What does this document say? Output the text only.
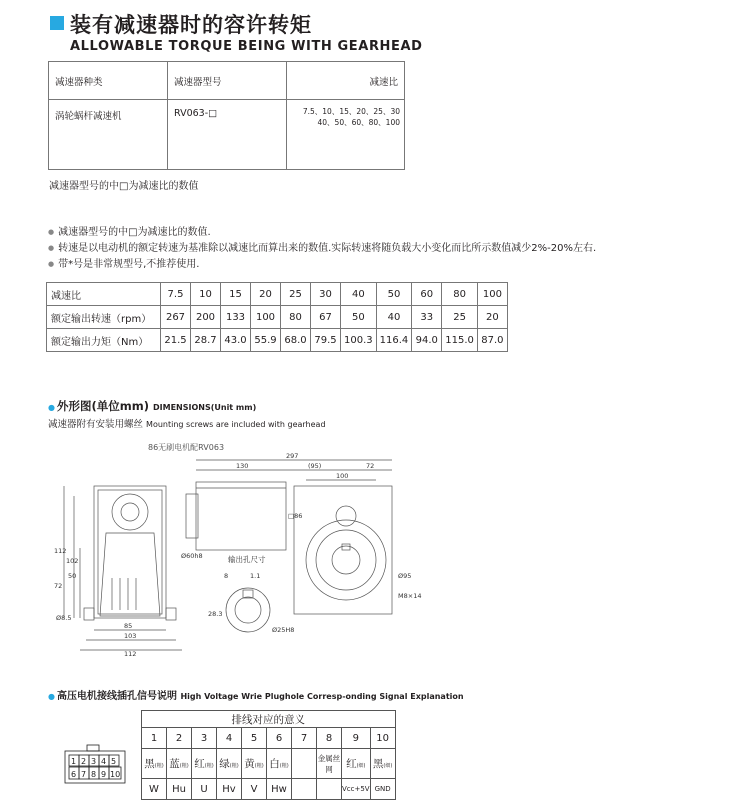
装有减速器时的容许转矩
ALLOWABLE TORQUE BEING WITH GEARHEAD
减速器种类	减速器型号	减速比

涡轮蜗杆减速机	RV063-□	7.5、10、15、20、25、30
40、50、60、80、100
减速器型号的中□为减速比的数值
● 减速器型号的中□为减速比的数值.
● 转速是以电动机的额定转速为基准除以减速比而算出来的数值.实际转速将随负载大小变化而比所示数值减少2%-20%左右.
● 带*号是非常规型号,不推荐使用.
减速比	7.5	10	15	20	25	30	40	50	60	80	100
额定输出转速（rpm）	267	200	133	100	80	67	50	40	33	25	20
额定输出力矩（Nm）	21.5	28.7	43.0	55.9	68.0	79.5	100.3	116.4	94.0	115.0	87.0
● 外形图(单位mm) DIMENSIONS(Unit mm)
减速器附有安装用螺丝 Mounting screws are included with gearhead
86无刷电机配RV063
297
130	(95)	72
100
□86
Ø60h8
Ø95
M8×14
112
102
72
50
85
103
112
Ø8.5
输出孔尺寸
8	1.1
28.3
Ø25H8
● 高压电机接线插孔信号说明 High Voltage Wrie Plughole Corresp-onding Signal Explanation
排线对应的意义									
1	2	3	4	5	6	7	8	9	10
黑(粗)	蓝(粗)	红(粗)	绿(粗)	黄(粗)	白(粗)		金属丝网	红(细)	黑(细)
W	Hu	U	Hv	V	Hw			Vcc+5V	GND
1 2 3 4 5
6 7 8 9 10
